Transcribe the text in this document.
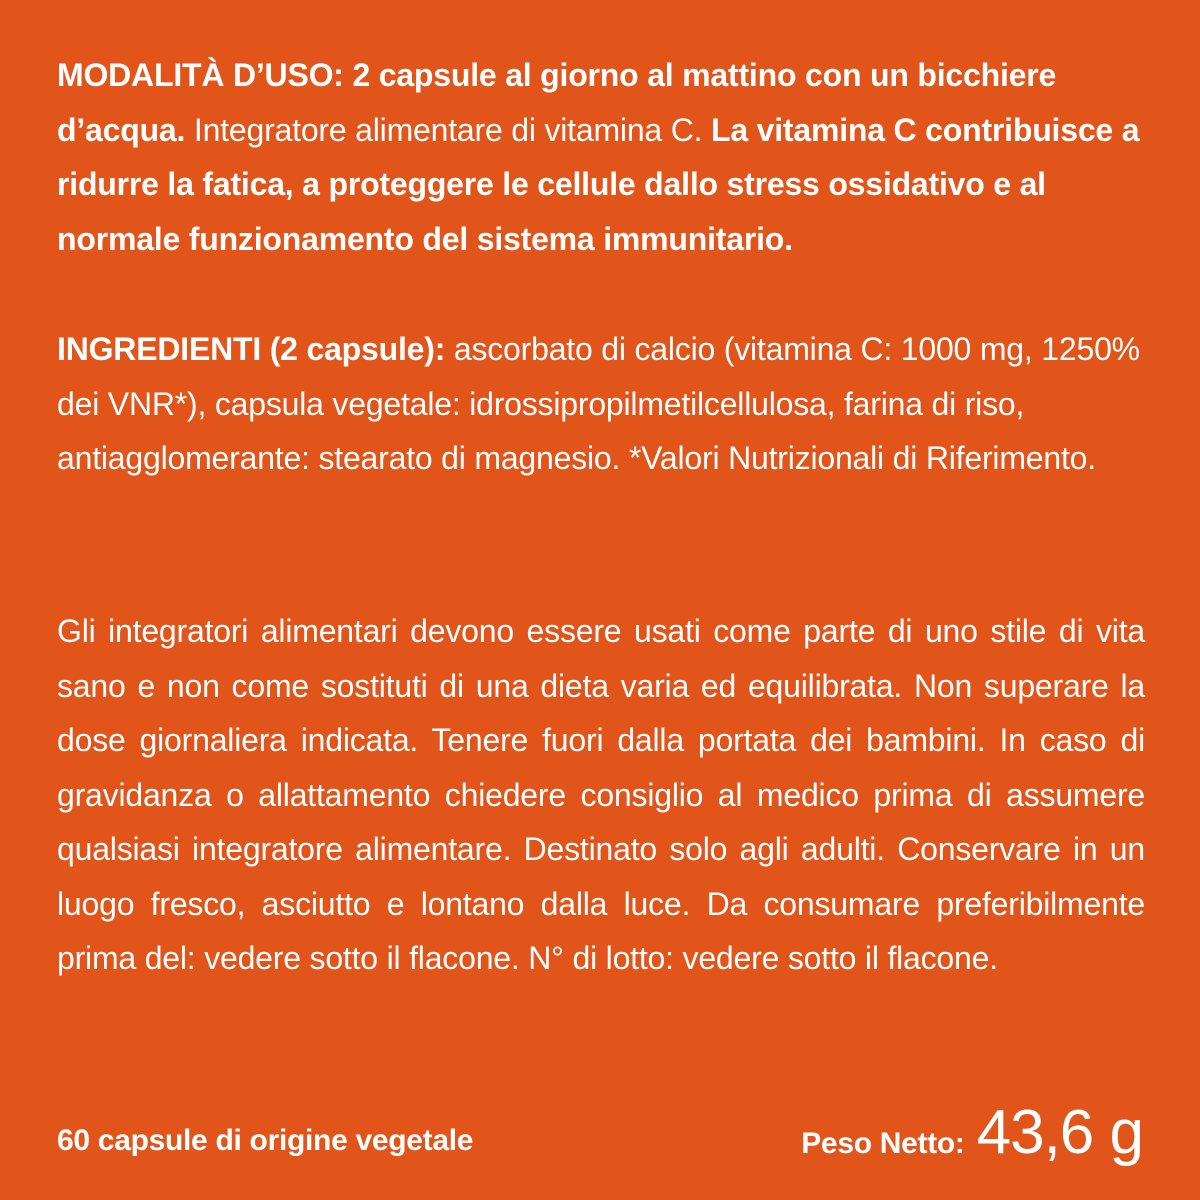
MODALITÀ D’USO: 2 capsule al giorno al mattino con un bicchiere d’acqua. Integratore alimentare di vitamina C. La vitamina C contribuisce a ridurre la fatica, a proteggere le cellule dallo stress ossidativo e al normale funzionamento del sistema immunitario.

INGREDIENTI (2 capsule): ascorbato di calcio (vitamina C: 1000 mg, 1250% dei VNR*), capsula vegetale: idrossipropilmetilcellulosa, farina di riso, antiagglomerante: stearato di magnesio. *Valori Nutrizionali di Riferimento.

Gli integratori alimentari devono essere usati come parte di uno stile di vita sano e non come sostituti di una dieta varia ed equilibrata. Non superare la dose giornaliera indicata. Tenere fuori dalla portata dei bambini. In caso di gravidanza o allattamento chiedere consiglio al medico prima di assumere qualsiasi integratore alimentare. Destinato solo agli adulti. Conservare in un luogo fresco, asciutto e lontano dalla luce. Da consumare preferibilmente prima del: vedere sotto il flacone. N° di lotto: vedere sotto il flacone.

60 capsule di origine vegetale	Peso Netto: 43,6 g
